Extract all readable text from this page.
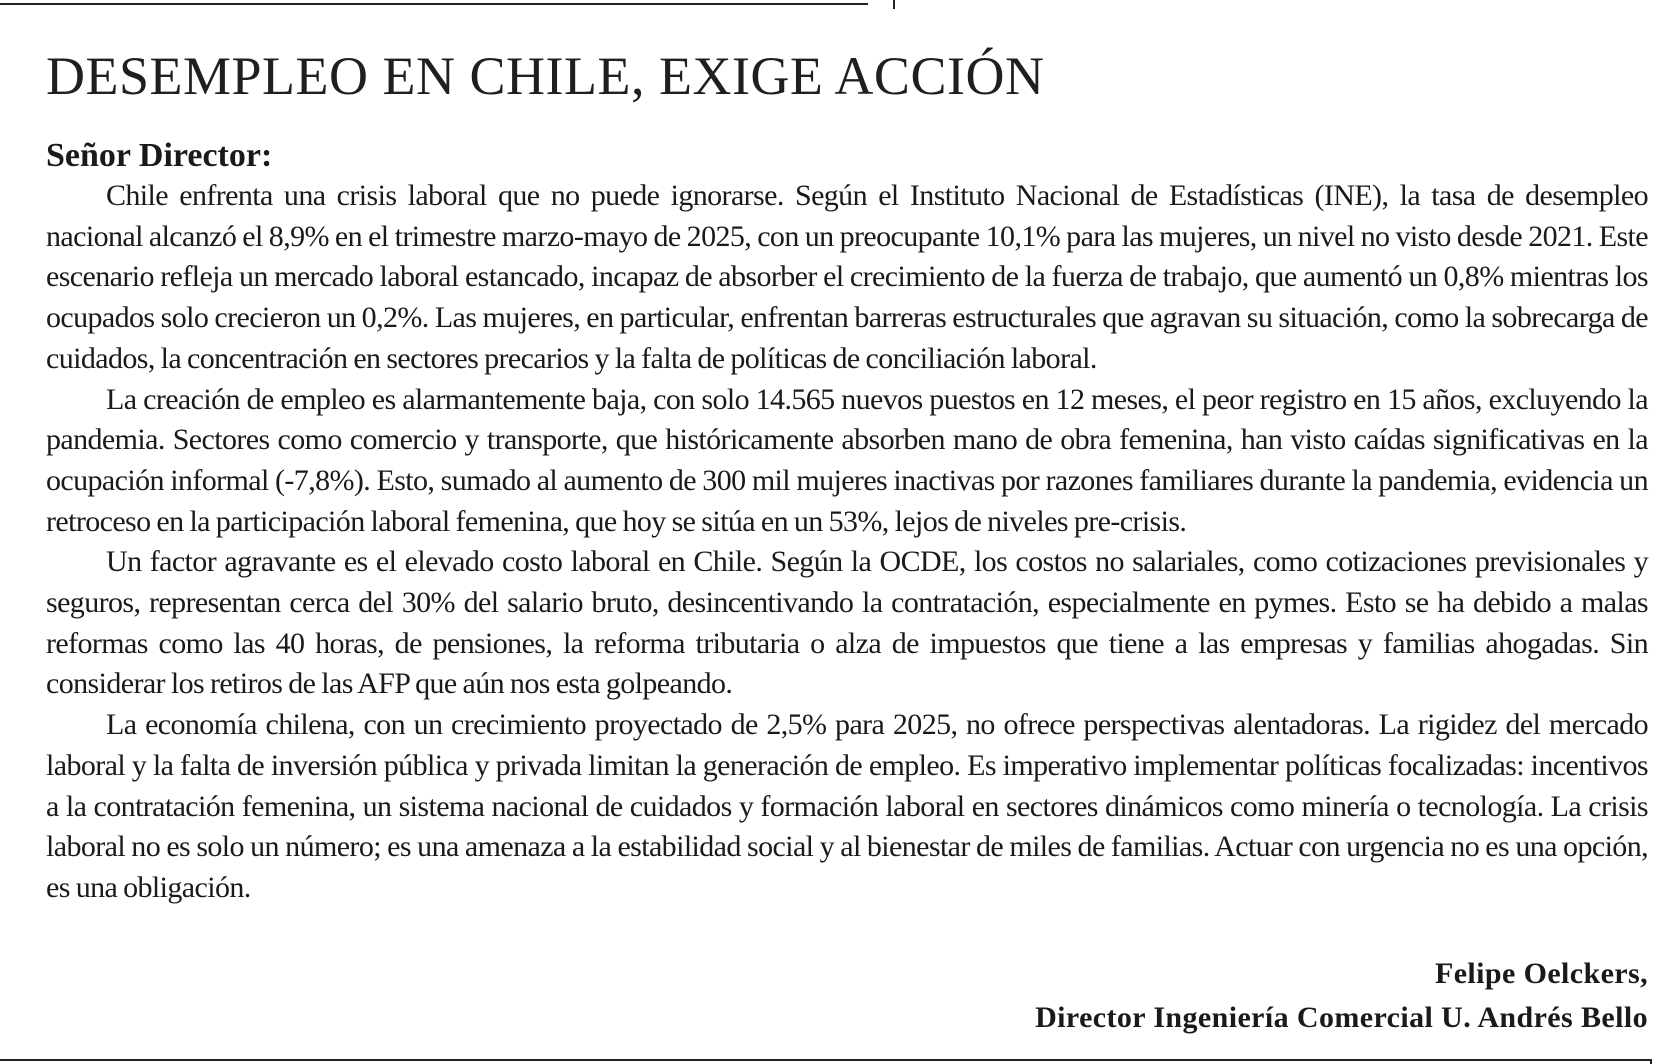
DESEMPLEO EN CHILE, EXIGE ACCIÓN
Señor Director:

Chile enfrenta una crisis laboral que no puede ignorarse. Según el Instituto Nacional de Estadísticas (INE), la tasa de desempleo nacional alcanzó el 8,9% en el trimestre marzo-mayo de 2025, con un preocupante 10,1% para las mujeres, un nivel no visto desde 2021. Este escenario refleja un mercado laboral estancado, incapaz de absorber el crecimiento de la fuerza de trabajo, que aumentó un 0,8% mientras los ocupados solo crecieron un 0,2%. Las mujeres, en particular, enfrentan barreras estructurales que agravan su situación, como la sobrecarga de cuidados, la concentración en sectores precarios y la falta de políticas de conciliación laboral.

La creación de empleo es alarmantemente baja, con solo 14.565 nuevos puestos en 12 meses, el peor registro en 15 años, excluyendo la pandemia. Sectores como comercio y transporte, que históricamente absorben mano de obra femenina, han visto caídas significativas en la ocupación informal (-7,8%). Esto, sumado al aumento de 300 mil mujeres inactivas por razones familiares durante la pandemia, evidencia un retroceso en la participación laboral femenina, que hoy se sitúa en un 53%, lejos de niveles pre-crisis.

Un factor agravante es el elevado costo laboral en Chile. Según la OCDE, los costos no salariales, como cotizaciones previsionales y seguros, representan cerca del 30% del salario bruto, desincentivando la contratación, especialmente en pymes. Esto se ha debido a malas reformas como las 40 horas, de pensiones, la reforma tributaria o alza de impuestos que tiene a las empresas y familias ahogadas. Sin considerar los retiros de las AFP que aún nos esta golpeando.

La economía chilena, con un crecimiento proyectado de 2,5% para 2025, no ofrece perspectivas alentadoras. La rigidez del mercado laboral y la falta de inversión pública y privada limitan la generación de empleo. Es imperativo implementar políticas focalizadas: incentivos a la contratación femenina, un sistema nacional de cuidados y formación laboral en sectores dinámicos como minería o tecnología. La crisis laboral no es solo un número; es una amenaza a la estabilidad social y al bienestar de miles de familias. Actuar con urgencia no es una opción, es una obligación.

Felipe Oelckers,
Director Ingeniería Comercial U. Andrés Bello
